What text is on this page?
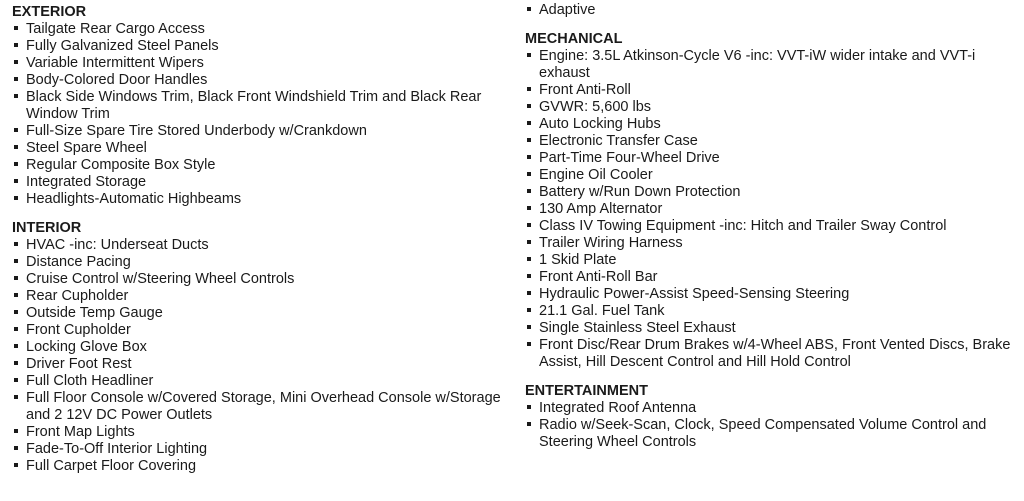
EXTERIOR
Tailgate Rear Cargo Access
Fully Galvanized Steel Panels
Variable Intermittent Wipers
Body-Colored Door Handles
Black Side Windows Trim, Black Front Windshield Trim and Black Rear Window Trim
Full-Size Spare Tire Stored Underbody w/Crankdown
Steel Spare Wheel
Regular Composite Box Style
Integrated Storage
Headlights-Automatic Highbeams
INTERIOR
HVAC -inc: Underseat Ducts
Distance Pacing
Cruise Control w/Steering Wheel Controls
Rear Cupholder
Outside Temp Gauge
Front Cupholder
Locking Glove Box
Driver Foot Rest
Full Cloth Headliner
Full Floor Console w/Covered Storage, Mini Overhead Console w/Storage and 2 12V DC Power Outlets
Front Map Lights
Fade-To-Off Interior Lighting
Full Carpet Floor Covering
Adaptive
MECHANICAL
Engine: 3.5L Atkinson-Cycle V6 -inc: VVT-iW wider intake and VVT-i exhaust
Front Anti-Roll
GVWR: 5,600 lbs
Auto Locking Hubs
Electronic Transfer Case
Part-Time Four-Wheel Drive
Engine Oil Cooler
Battery w/Run Down Protection
130 Amp Alternator
Class IV Towing Equipment -inc: Hitch and Trailer Sway Control
Trailer Wiring Harness
1 Skid Plate
Front Anti-Roll Bar
Hydraulic Power-Assist Speed-Sensing Steering
21.1 Gal. Fuel Tank
Single Stainless Steel Exhaust
Front Disc/Rear Drum Brakes w/4-Wheel ABS, Front Vented Discs, Brake Assist, Hill Descent Control and Hill Hold Control
ENTERTAINMENT
Integrated Roof Antenna
Radio w/Seek-Scan, Clock, Speed Compensated Volume Control and Steering Wheel Controls
